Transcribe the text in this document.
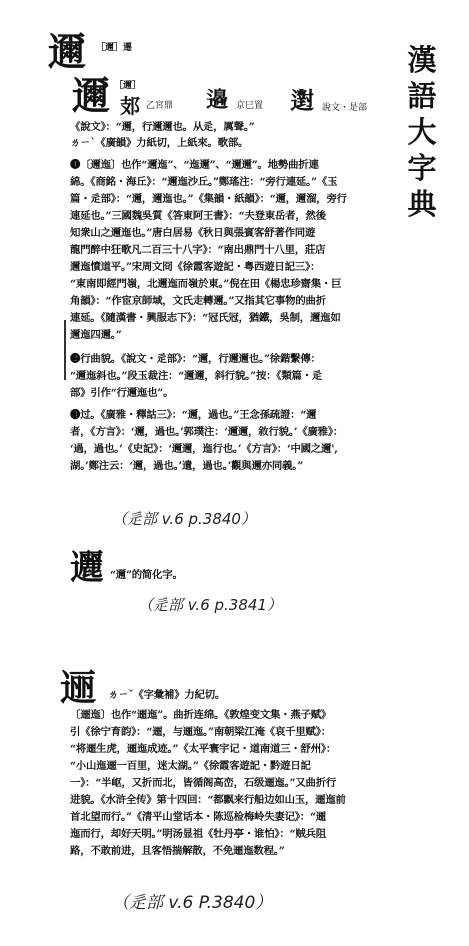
漢
語
大
字
典
邇 ［邇］遷
邇 ［邇］
𨙸 乙宮鼎 𨘢 京巳置 𨘗 說文・是部
《說文》：“邇，行邇邇也。从辵，厲聲。”
ㄌㄧˋ《廣韻》力紙切，上紙來。歌部。
❶〔邇迤〕也作“邇迤”、“迤邇”、“邇邇”。地勢曲折連
綿。《商銘・海丘》：“邇迤沙丘。”鄭瑤注：“旁行連延。”《玉
篇・辵部》：“邇，邇迤也。”《集韻・紙韻》：“邇，邇溜，旁行
連延也。”三國魏吳質《答東阿王書》：“夫登東岳者，然後
知衆山之邇迤也。”唐白居易《秋日與張賓客舒著作同遊
龍門醉中狂歌凡二百三十八字》：“南出鼎門十八里，莊店
邇迤憤道平。”宋周文冏《徐霞客遊記・粤西遊日記三》：
“東南即經門嶺，北邇迤而嶺於東。”倪在田《楊忠珍齋集・巨
角韻》：“作宦京師域，文氏走轉邇。”又指其它事物的曲折
連延。《隨漢書・興服志下》：“冠氏冠，猶鐵，吳制，邇迤如
邇迤四邇。”
❷行曲貌。《說文・辵部》：“邇，行邇邇也。”徐鍇繫傳：
“邇迤斜也。”段玉裁注：“邇邇，斜行貌。”按：《類篇・辵
部》引作“行邇迤也”。
❸过。《廣雅・釋詁三》：“邇，過也。”王念孫疏證：“邇
者，《方言》：‘邇，過也。’郭璞注：‘邇邇，敘行貌。’《廣雅》：
‘過，過也。’《史記》：‘邇邇，迤行也。’《方言》：‘中國之邇',
湖。’鄭注云：‘邇，過也。’遺，過也。’觀與邇亦同義。”
（辵部 v.6 p.3840）
邐 “邇”的简化字。
（辵部 v.6 p.3841）
逦 ㄌㄧˇ《字彙補》力紀切。
〔逦迤〕也作“逦迤”。曲折连绵。《敦煌变文集・燕子赋》
引《徐宁育韵》：“逦，与逦迤。”南朝梁江淹《哀千里赋》：
“将逦生虎，逦迤成迹。”《太平寰宇记・道南道三・舒州》：
“小山迤逦一百里，迷太湖。”《徐霞客遊記・黔遊日記
一》：“半岖，又折而北，皆循阁高峦，石级逦迤。”又曲折行
进貌。《水浒全传》第十四回：“都飘来行船边如山玉，逦迤前
首北望而行。”《清平山堂话本・陈巡检梅岭失妻记》：“逦
迤而行，却好天明。”明汤显祖《牡丹亭・谁怕》：“贼兵阻
路，不敢前进，且客悟揣解散，不免逦迤数程。”
（辵部 v.6 P.3840）
